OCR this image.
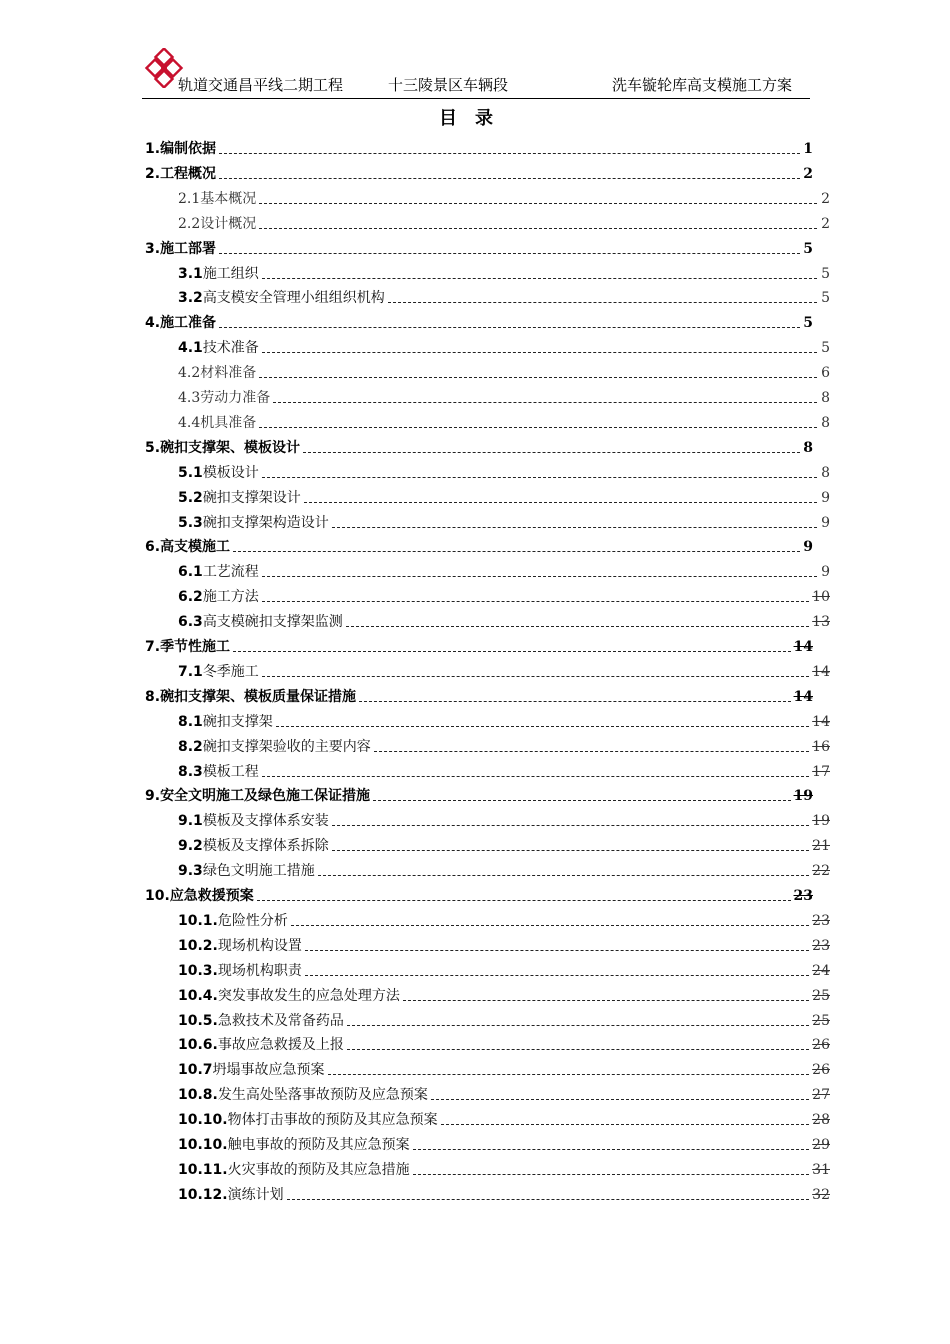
轨道交通昌平线二期工程	十三陵景区车辆段	洗车镟轮库高支模施工方案
目录
1. 编制依据	1
2. 工程概况	2
2.1 基本概况	2
2.2 设计概况	2
3. 施工部署	5
3.1 施工组织	5
3.2 高支模安全管理小组组织机构	5
4. 施工准备	5
4.1 技术准备	5
4.2 材料准备	6
4.3 劳动力准备	8
4.4 机具准备	8
5. 碗扣支撑架、模板设计	8
5.1 模板设计	8
5.2 碗扣支撑架设计	9
5.3 碗扣支撑架构造设计	9
6. 高支模施工	9
6.1 工艺流程	9
6.2 施工方法	10
6.3 高支模碗扣支撑架监测	13
7. 季节性施工	14
7.1 冬季施工	14
8. 碗扣支撑架、模板质量保证措施	14
8.1 碗扣支撑架	14
8.2 碗扣支撑架验收的主要内容	16
8.3 模板工程	17
9. 安全文明施工及绿色施工保证措施	19
9.1 模板及支撑体系安装	19
9.2 模板及支撑体系拆除	21
9.3 绿色文明施工措施	22
10. 应急救援预案	23
10.1. 危险性分析	23
10.2. 现场机构设置	23
10.3. 现场机构职责	24
10.4. 突发事故发生的应急处理方法	25
10.5. 急救技术及常备药品	25
10.6. 事故应急救援及上报	26
10.7 坍塌事故应急预案	26
10.8. 发生高处坠落事故预防及应急预案	27
10.10. 物体打击事故的预防及其应急预案	28
10.10. 触电事故的预防及其应急预案	29
10.11. 火灾事故的预防及其应急措施	31
10.12. 演练计划	32
